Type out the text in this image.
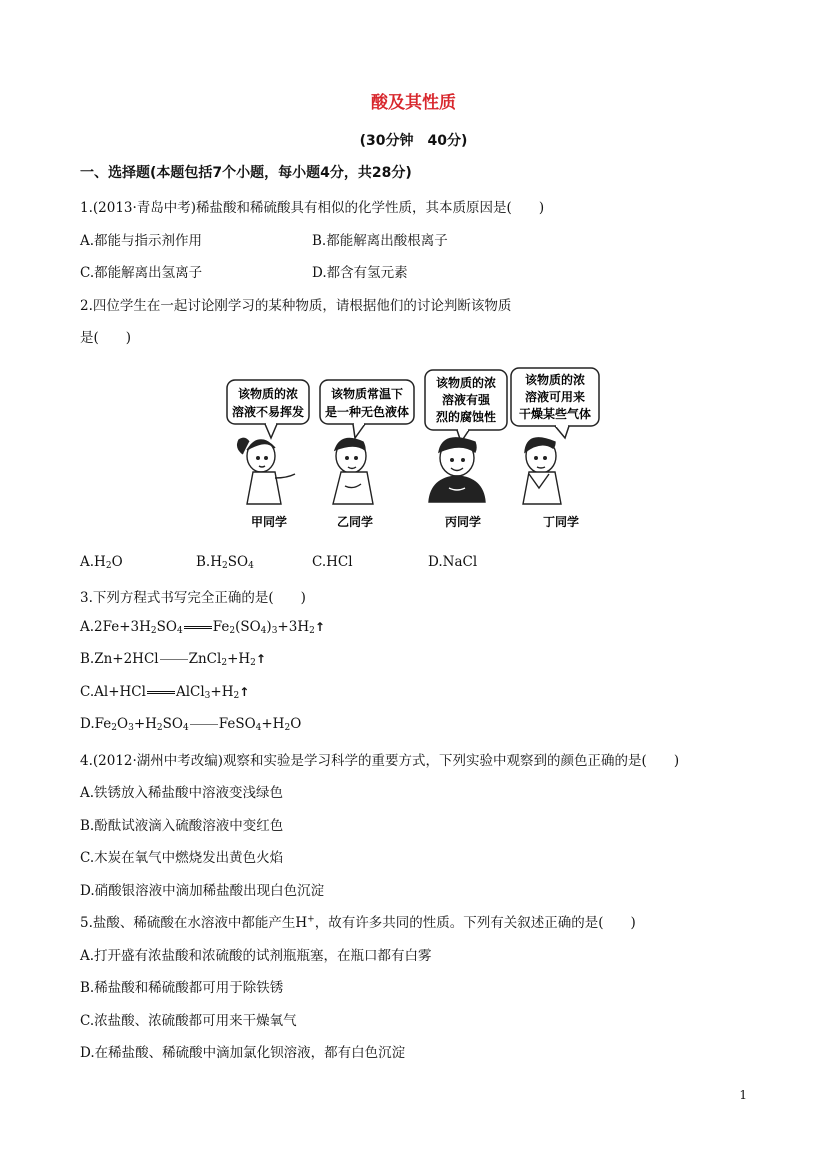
酸及其性质
(30分钟　40分)
一、选择题(本题包括7个小题，每小题4分，共28分)
1.(2013·青岛中考)稀盐酸和稀硫酸具有相似的化学性质，其本质原因是(　　)
A.都能与指示剂作用	B.都能解离出酸根离子
C.都能解离出氢离子	D.都含有氢元素
2.四位学生在一起讨论刚学习的某种物质，请根据他们的讨论判断该物质
是(　　)
该物质的浓
溶液不易挥发
该物质常温下
是一种无色液体
该物质的浓
溶液有强
烈的腐蚀性
该物质的浓
溶液可用来
干燥某些气体
甲同学	乙同学	丙同学	丁同学
$A.H_2O$	$B.H_2SO_4$	C.HCl	D.NaCl
3.下列方程式书写完全正确的是(　　)
$A.2Fe+3H_2SO_4$ $Fe_2(SO_4)_3+3H_2↑$
B.Zn+2HCl $ZnCl_2+H_2↑$
C.Al+HCl $AlCl_3+H_2↑$
$D.Fe_2O_3+H_2SO_4$ $FeSO_4+H_2O$
4.(2012·湖州中考改编)观察和实验是学习科学的重要方式，下列实验中观察到的颜色正确的是(　　)
A.铁锈放入稀盐酸中溶液变浅绿色
B.酚酞试液滴入硫酸溶液中变红色
C.木炭在氧气中燃烧发出黄色火焰
D.硝酸银溶液中滴加稀盐酸出现白色沉淀
5.盐酸、稀硫酸在水溶液中都能产生H+，故有许多共同的性质。下列有关叙述正确的是(　　)
A.打开盛有浓盐酸和浓硫酸的试剂瓶瓶塞，在瓶口都有白雾
B.稀盐酸和稀硫酸都可用于除铁锈
C.浓盐酸、浓硫酸都可用来干燥氧气
D.在稀盐酸、稀硫酸中滴加氯化钡溶液，都有白色沉淀
1
